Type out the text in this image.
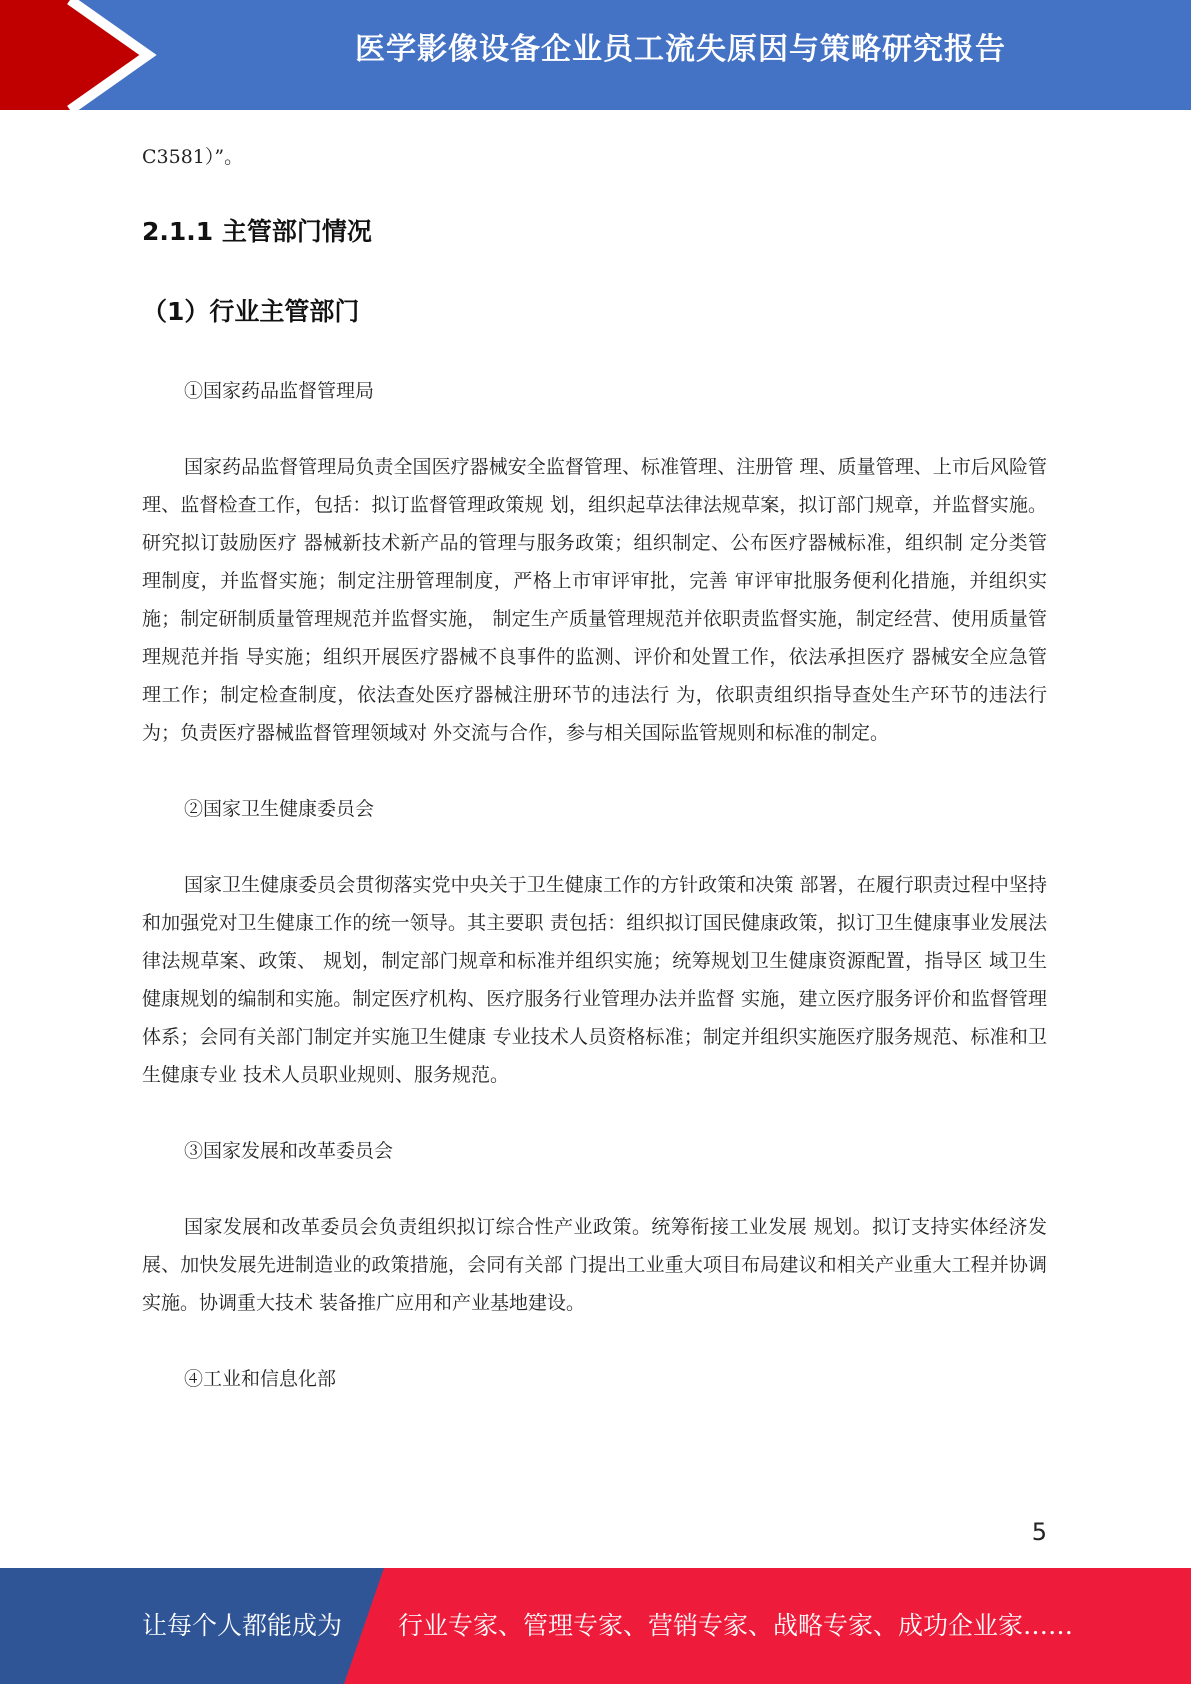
医学影像设备企业员工流失原因与策略研究报告

C3581）”。

2.1.1 主管部门情况
（1）行业主管部门

①国家药品监督管理局

国家药品监督管理局负责全国医疗器械安全监督管理、标准管理、注册管 理、质量管理、上市后风险管理、监督检查工作，包括：拟订监督管理政策规 划，组织起草法律法规草案，拟订部门规章，并监督实施。研究拟订鼓励医疗 器械新技术新产品的管理与服务政策；组织制定、公布医疗器械标准，组织制 定分类管理制度，并监督实施；制定注册管理制度，严格上市审评审批，完善 审评审批服务便利化措施，并组织实施；制定研制质量管理规范并监督实施， 制定生产质量管理规范并依职责监督实施，制定经营、使用质量管理规范并指 导实施；组织开展医疗器械不良事件的监测、评价和处置工作，依法承担医疗 器械安全应急管理工作；制定检查制度，依法查处医疗器械注册环节的违法行 为，依职责组织指导查处生产环节的违法行为；负责医疗器械监督管理领域对 外交流与合作，参与相关国际监管规则和标准的制定。

②国家卫生健康委员会

国家卫生健康委员会贯彻落实党中央关于卫生健康工作的方针政策和决策 部署，在履行职责过程中坚持和加强党对卫生健康工作的统一领导。其主要职 责包括：组织拟订国民健康政策，拟订卫生健康事业发展法律法规草案、政策、 规划，制定部门规章和标准并组织实施；统筹规划卫生健康资源配置，指导区 域卫生健康规划的编制和实施。制定医疗机构、医疗服务行业管理办法并监督 实施，建立医疗服务评价和监督管理体系；会同有关部门制定并实施卫生健康 专业技术人员资格标准；制定并组织实施医疗服务规范、标准和卫生健康专业 技术人员职业规则、服务规范。

③国家发展和改革委员会

国家发展和改革委员会负责组织拟订综合性产业政策。统筹衔接工业发展 规划。拟订支持实体经济发展、加快发展先进制造业的政策措施，会同有关部 门提出工业重大项目布局建议和相关产业重大工程并协调实施。协调重大技术 装备推广应用和产业基地建设。

④工业和信息化部

5
让每个人都能成为 行业专家、管理专家、营销专家、战略专家、成功企业家……
